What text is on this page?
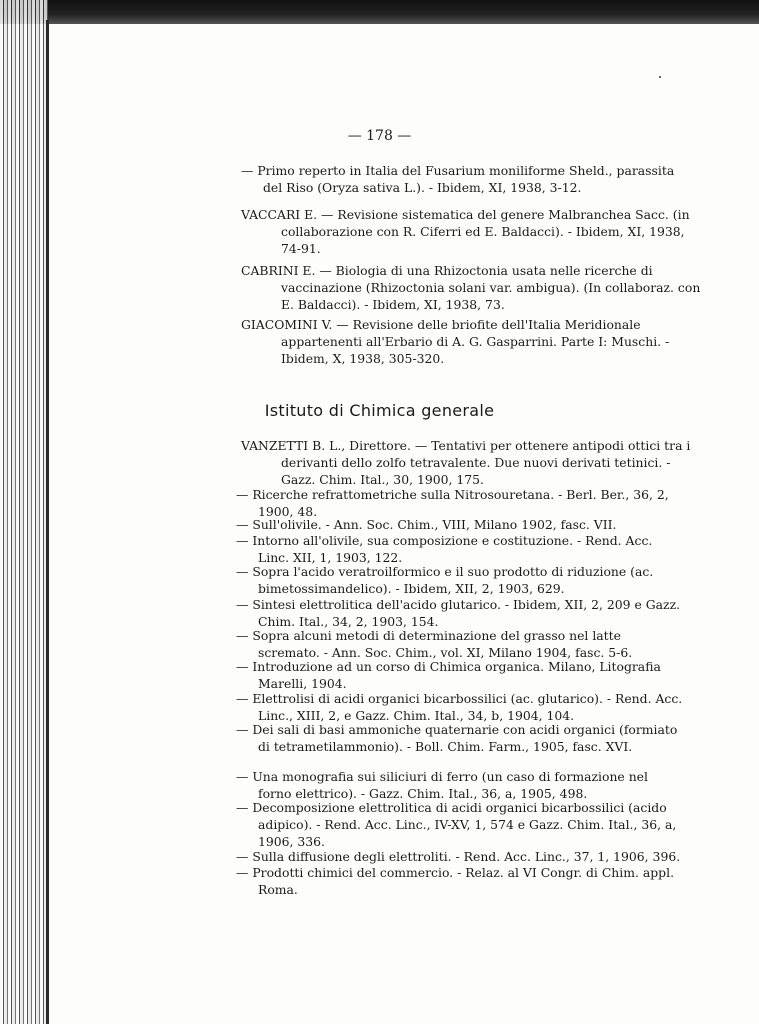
— 178 —
— Primo reperto in Italia del Fusarium moniliforme Sheld., parassita del Riso (Oryza sativa L.). - Ibidem, XI, 1938, 3-12.
VACCARI E. — Revisione sistematica del genere Malbranchea Sacc. (in collaborazione con R. Ciferri ed E. Baldacci). - Ibidem, XI, 1938, 74-91.
CABRINI E. — Biologia di una Rhizoctonia usata nelle ricerche di vaccinazione (Rhizoctonia solani var. ambigua). (In collaboraz. con E. Baldacci). - Ibidem, XI, 1938, 73.
GIACOMINI V. — Revisione delle briofite dell'Italia Meridionale appartenenti all'Erbario di A. G. Gasparrini. Parte I: Muschi. - Ibidem, X, 1938, 305-320.
Istituto di Chimica generale
VANZETTI B. L., Direttore. — Tentativi per ottenere antipodi ottici tra i derivanti dello zolfo tetravalente. Due nuovi derivati tetinici. - Gazz. Chim. Ital., 30, 1900, 175.
— Ricerche refrattometriche sulla Nitrosouretana. - Berl. Ber., 36, 2, 1900, 48.
— Sull'olivile. - Ann. Soc. Chim., VIII, Milano 1902, fasc. VII.
— Intorno all'olivile, sua composizione e costituzione. - Rend. Acc. Linc. XII, 1, 1903, 122.
— Sopra l'acido veratroilformico e il suo prodotto di riduzione (ac. bimetossimandelico). - Ibidem, XII, 2, 1903, 629.
— Sintesi elettrolitica dell'acido glutarico. - Ibidem, XII, 2, 209 e Gazz. Chim. Ital., 34, 2, 1903, 154.
— Sopra alcuni metodi di determinazione del grasso nel latte scremato. - Ann. Soc. Chim., vol. XI, Milano 1904, fasc. 5-6.
— Introduzione ad un corso di Chimica organica. Milano, Litografia Marelli, 1904.
— Elettrolisi di acidi organici bicarbossilici (ac. glutarico). - Rend. Acc. Linc., XIII, 2, e Gazz. Chim. Ital., 34, b, 1904, 104.
— Dei sali di basi ammoniche quaternarie con acidi organici (formiato di tetrametilammonio). - Boll. Chim. Farm., 1905, fasc. XVI.
— Una monografia sui siliciuri di ferro (un caso di formazione nel forno elettrico). - Gazz. Chim. Ital., 36, a, 1905, 498.
— Decomposizione elettrolitica di acidi organici bicarbossilici (acido adipico). - Rend. Acc. Linc., IV-XV, 1, 574 e Gazz. Chim. Ital., 36, a, 1906, 336.
— Sulla diffusione degli elettroliti. - Rend. Acc. Linc., 37, 1, 1906, 396.
— Prodotti chimici del commercio. - Relaz. al VI Congr. di Chim. appl. Roma.
